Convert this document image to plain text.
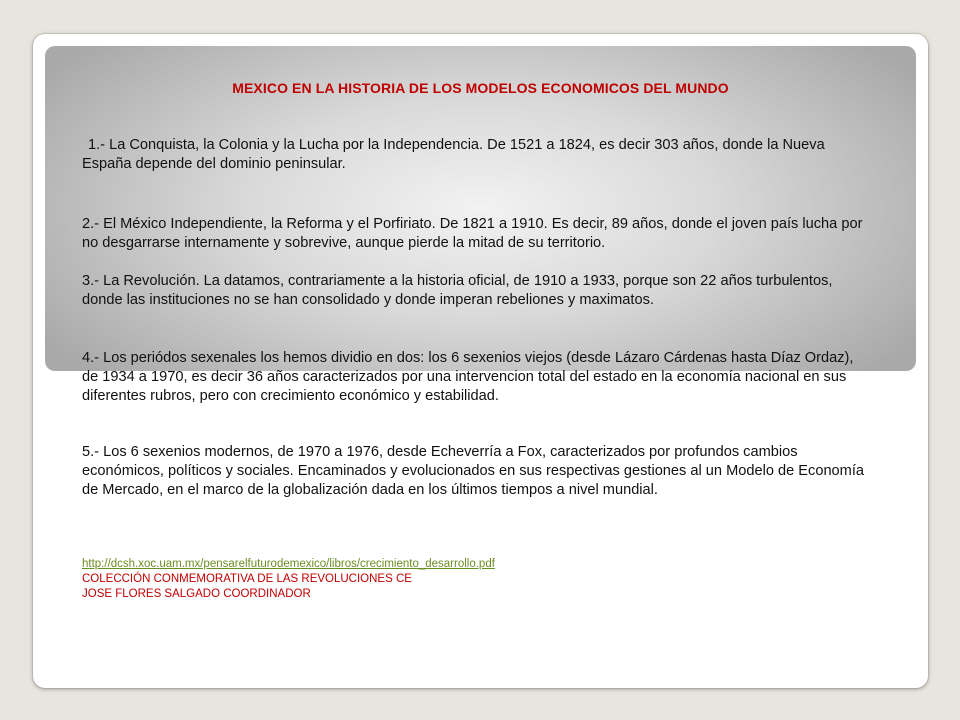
MEXICO EN LA HISTORIA DE LOS MODELOS ECONOMICOS DEL MUNDO

1.- La Conquista, la Colonia y la Lucha por la Independencia. De 1521 a 1824, es decir 303 años, donde la Nueva España depende del dominio peninsular.

2.- El México Independiente, la Reforma y el Porfiriato. De 1821 a 1910. Es decir, 89 años, donde el joven país lucha por no desgarrarse internamente y sobrevive, aunque pierde la mitad de su territorio.

3.- La Revolución. La datamos, contrariamente a la historia oficial, de 1910 a 1933, porque son 22 años turbulentos, donde las instituciones no se han consolidado y donde imperan rebeliones y maximatos.

4.- Los periódos sexenales los hemos dividio en dos: los 6 sexenios viejos (desde Lázaro Cárdenas hasta Díaz Ordaz), de 1934 a 1970, es decir 36 años caracterizados por una intervencion total del estado en la economía nacional en sus diferentes rubros, pero con crecimiento económico y estabilidad.

5.- Los 6 sexenios modernos, de 1970 a 1976, desde Echeverría a Fox, caracterizados por profundos cambios económicos, políticos y sociales. Encaminados y evolucionados en sus respectivas gestiones al un Modelo de Economía de Mercado, en el marco de la globalización dada en los últimos tiempos a nivel mundial.

http://dcsh.xoc.uam.mx/pensarelfuturodemexico/libros/crecimiento_desarrollo.pdf
COLECCIÓN CONMEMORATIVA DE LAS REVOLUCIONES CE
JOSE FLORES SALGADO COORDINADOR
